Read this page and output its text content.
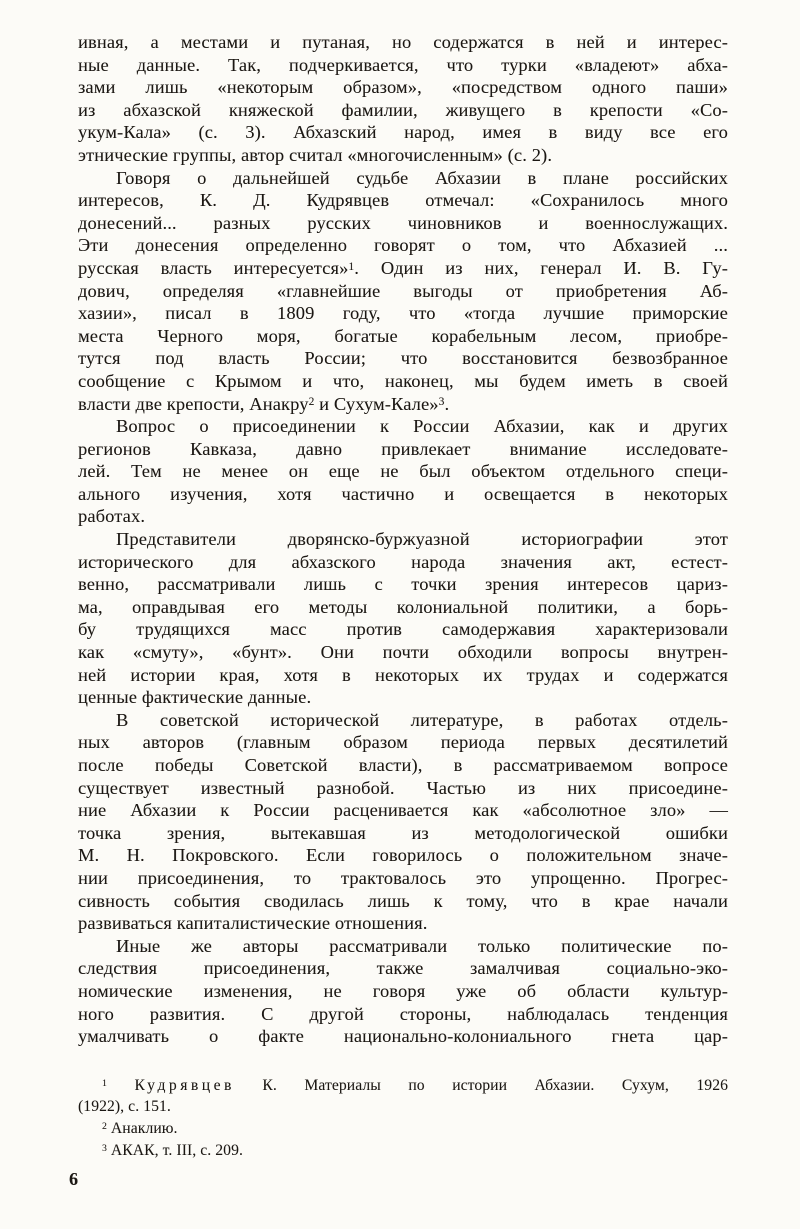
ивная, а местами и путаная, но содержатся в ней и интерес-
ные данные. Так, подчеркивается, что турки «владеют» абха-
зами лишь «некоторым образом», «посредством одного паши»
из абхазской княжеской фамилии, живущего в крепости «Со-
укум-Кала» (с. 3). Абхазский народ, имея в виду все его
этнические группы, автор считал «многочисленным» (с. 2).
Говоря о дальнейшей судьбе Абхазии в плане российских
интересов, К. Д. Кудрявцев отмечал: «Сохранилось много
донесений... разных русских чиновников и военнослужащих.
Эти донесения определенно говорят о том, что Абхазией ...
русская власть интересуется»$^1$. Один из них, генерал И. В. Гу-
дович, определяя «главнейшие выгоды от приобретения Аб-
хазии», писал в 1809 году, что «тогда лучшие приморские
места Черного моря, богатые корабельным лесом, приобре-
тутся под власть России; что восстановится безвозбранное
сообщение с Крымом и что, наконец, мы будем иметь в своей
власти две крепости, Анакру$^2$ и Сухум-Кале»$^3$.
Вопрос о присоединении к России Абхазии, как и других
регионов Кавказа, давно привлекает внимание исследовате-
лей. Тем не менее он еще не был объектом отдельного специ-
ального изучения, хотя частично и освещается в некоторых
работах.
Представители дворянско-буржуазной историографии этот
исторического для абхазского народа значения акт, естест-
венно, рассматривали лишь с точки зрения интересов цариз-
ма, оправдывая его методы колониальной политики, а борь-
бу трудящихся масс против самодержавия характеризовали
как «смуту», «бунт». Они почти обходили вопросы внутрен-
ней истории края, хотя в некоторых их трудах и содержатся
ценные фактические данные.
В советской исторической литературе, в работах отдель-
ных авторов (главным образом периода первых десятилетий
после победы Советской власти), в рассматриваемом вопросе
существует известный разнобой. Частью из них присоедине-
ние Абхазии к России расценивается как «абсолютное зло» —
точка зрения, вытекавшая из методологической ошибки
М. Н. Покровского. Если говорилось о положительном значе-
нии присоединения, то трактовалось это упрощенно. Прогрес-
сивность события сводилась лишь к тому, что в крае начали
развиваться капиталистические отношения.
Иные же авторы рассматривали только политические по-
следствия присоединения, также замалчивая социально-эко-
номические изменения, не говоря уже об области культур-
ного развития. С другой стороны, наблюдалась тенденция
умалчивать о факте национально-колониального гнета цар-
$^1$ Кудрявцев К. Материалы по истории Абхазии. Сухум, 1926
(1922), с. 151.
$^2$ Анаклию.
$^3$ АКАК, т. III, с. 209.
6
